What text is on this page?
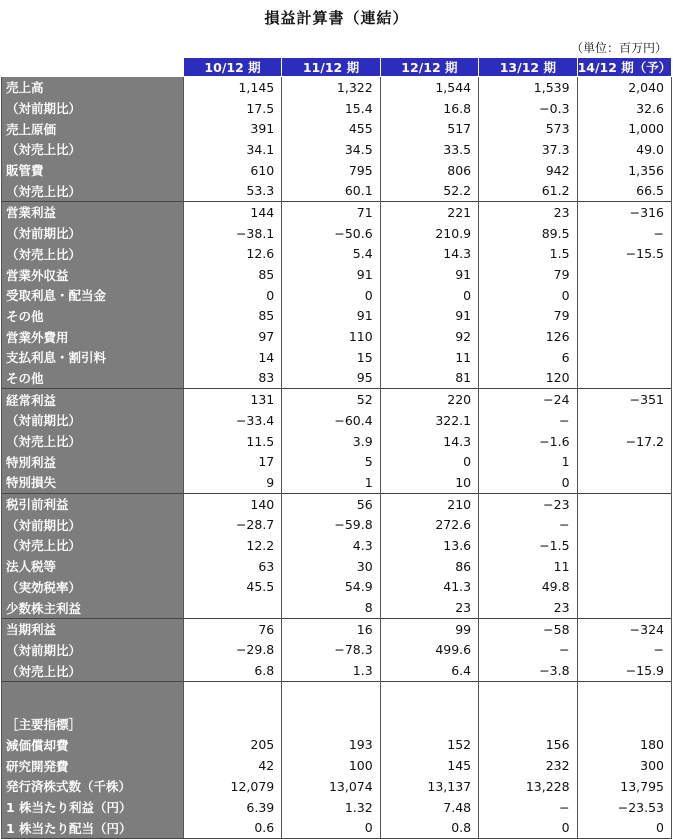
損益計算書（連結）
（単位：百万円）
	10/12 期	11/12 期	12/12 期	13/12 期	14/12 期（予）
売上高	1,145	1,322	1,544	1,539	2,040
（対前期比）	17.5	15.4	16.8	−0.3	32.6
売上原価	391	455	517	573	1,000
（対売上比）	34.1	34.5	33.5	37.3	49.0
販管費	610	795	806	942	1,356
（対売上比）	53.3	60.1	52.2	61.2	66.5
営業利益	144	71	221	23	−316
（対前期比）	−38.1	−50.6	210.9	89.5	−
（対売上比）	12.6	5.4	14.3	1.5	−15.5
営業外収益	85	91	91	79	
受取利息・配当金	0	0	0	0	
その他	85	91	91	79	
営業外費用	97	110	92	126	
支払利息・割引料	14	15	11	6	
その他	83	95	81	120	
経常利益	131	52	220	−24	−351
（対前期比）	−33.4	−60.4	322.1	−	
（対売上比）	11.5	3.9	14.3	−1.6	−17.2
特別利益	17	5	0	1	
特別損失	9	1	10	0	
税引前利益	140	56	210	−23	
（対前期比）	−28.7	−59.8	272.6	−	
（対売上比）	12.2	4.3	13.6	−1.5	
法人税等	63	30	86	11	
（実効税率）	45.5	54.9	41.3	49.8	
少数株主利益		8	23	23	
当期利益	76	16	99	−58	−324
（対前期比）	−29.8	−78.3	499.6	−	−
（対売上比）	6.8	1.3	6.4	−3.8	−15.9

［主要指標］					
減価償却費	205	193	152	156	180
研究開発費	42	100	145	232	300
発行済株式数（千株）	12,079	13,074	13,137	13,228	13,795
1 株当たり利益（円）	6.39	1.32	7.48	−	−23.53
1 株当たり配当（円）	0.6	0	0.8	0	0
